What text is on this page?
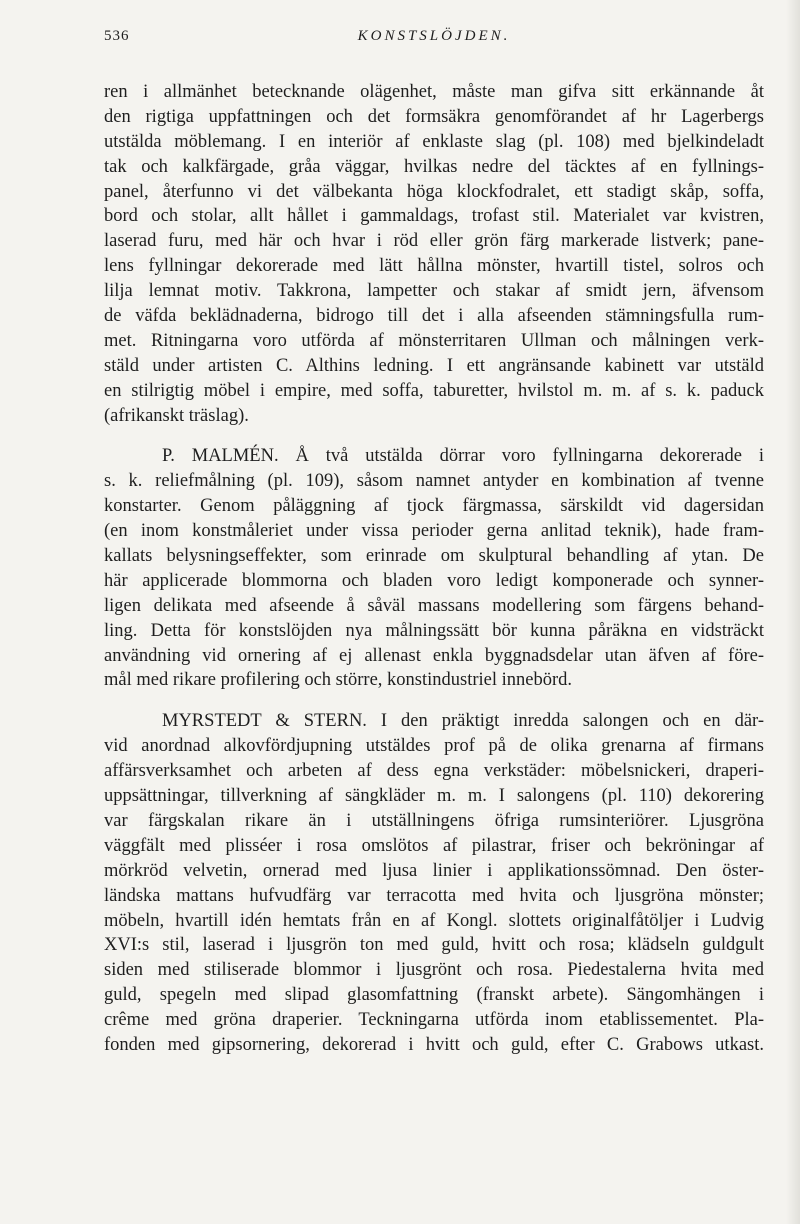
536	KONSTSLÖJDEN.
ren i allmänhet betecknande olägenhet, måste man gifva sitt erkännande åt
den rigtiga uppfattningen och det formsäkra genomförandet af hr Lagerbergs
utstälda möblemang. I en interiör af enklaste slag (pl. 108) med bjelkindeladt
tak och kalkfärgade, gråa väggar, hvilkas nedre del täcktes af en fyllnings-
panel, återfunno vi det välbekanta höga klockfodralet, ett stadigt skåp, soffa,
bord och stolar, allt hållet i gammaldags, trofast stil. Materialet var kvistren,
laserad furu, med här och hvar i röd eller grön färg markerade listverk; pane-
lens fyllningar dekorerade med lätt hållna mönster, hvartill tistel, solros och
lilja lemnat motiv. Takkrona, lampetter och stakar af smidt jern, äfvensom
de väfda beklädnaderna, bidrogo till det i alla afseenden stämningsfulla rum-
met. Ritningarna voro utförda af mönsterritaren Ullman och målningen verk-
stäld under artisten C. Althins ledning. I ett angränsande kabinett var utstäld
en stilrigtig möbel i empire, med soffa, taburetter, hvilstol m. m. af s. k. paduck
(afrikanskt träslag).
P. MALMÉN. Å två utstälda dörrar voro fyllningarna dekorerade i
s. k. reliefmålning (pl. 109), såsom namnet antyder en kombination af tvenne
konstarter. Genom påläggning af tjock färgmassa, särskildt vid dagersidan
(en inom konstmåleriet under vissa perioder gerna anlitad teknik), hade fram-
kallats belysningseffekter, som erinrade om skulptural behandling af ytan. De
här applicerade blommorna och bladen voro ledigt komponerade och synner-
ligen delikata med afseende å såväl massans modellering som färgens behand-
ling. Detta för konstslöjden nya målningssätt bör kunna påräkna en vidsträckt
användning vid ornering af ej allenast enkla byggnadsdelar utan äfven af före-
mål med rikare profilering och större, konstindustriel innebörd.
MYRSTEDT & STERN. I den präktigt inredda salongen och en där-
vid anordnad alkovfördjupning utstäldes prof på de olika grenarna af firmans
affärsverksamhet och arbeten af dess egna verkstäder: möbelsnickeri, draperi-
uppsättningar, tillverkning af sängkläder m. m. I salongens (pl. 110) dekorering
var färgskalan rikare än i utställningens öfriga rumsinteriörer. Ljusgröna
väggfält med plisséer i rosa omslötos af pilastrar, friser och bekröningar af
mörkröd velvetin, ornerad med ljusa linier i applikationssömnad. Den öster-
ländska mattans hufvudfärg var terracotta med hvita och ljusgröna mönster;
möbeln, hvartill idén hemtats från en af Kongl. slottets originalfåtöljer i Ludvig
XVI:s stil, laserad i ljusgrön ton med guld, hvitt och rosa; klädseln guldgult
siden med stiliserade blommor i ljusgrönt och rosa. Piedestalerna hvita med
guld, spegeln med slipad glasomfattning (franskt arbete). Sängomhängen i
crême med gröna draperier. Teckningarna utförda inom etablissementet. Pla-
fonden med gipsornering, dekorerad i hvitt och guld, efter C. Grabows utkast.
